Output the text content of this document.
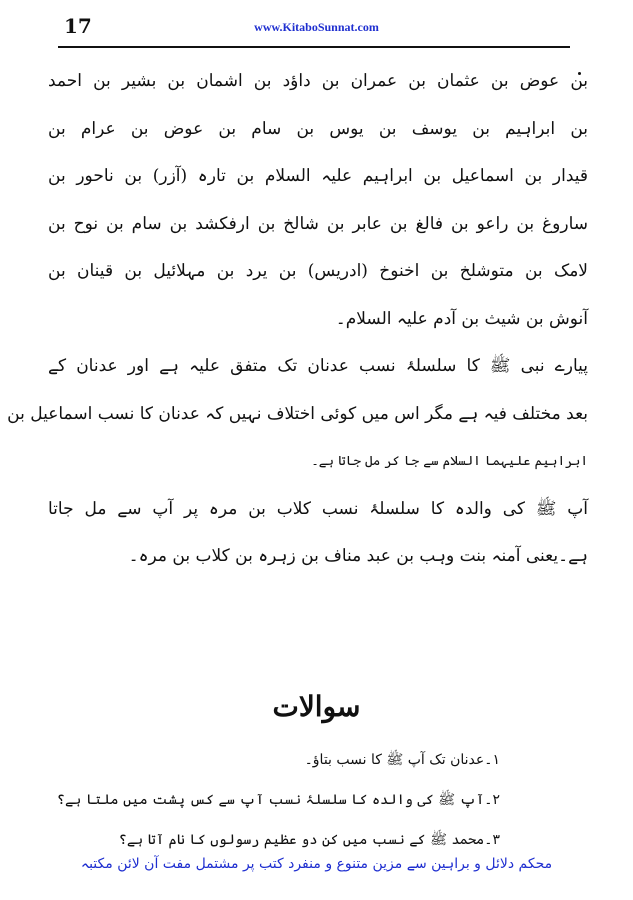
17	www.KitaboSunnat.com
بن عوض بن عثمان بن عمران بن داؤد بن اشمان بن بشير بن احمد
بن ابراہیم بن یوسف بن یوس بن سام بن عوض بن عرام بن
قیدار بن اسماعیل بن ابراہیم علیہ السلام بن تارہ (آزر) بن ناحور بن
ساروغ بن راعو بن فالغ بن عابر بن شالخ بن ارفکشد بن سام بن نوح بن
لامک بن متوشلخ بن اخنوخ (ادریس) بن یرد بن مہلائیل بن قینان بن
آنوش بن شیث بن آدم علیہ السلام۔
پیارے نبی ﷺ کا سلسلۂ نسب عدنان تک متفق علیہ ہے اور عدنان کے
بعد مختلف فیہ ہے مگر اس میں کوئی اختلاف نہیں کہ عدنان کا نسب اسماعیل بن
ابراہیم علیہما السلام سے جا کر مل جاتا ہے۔
آپ ﷺ کی والدہ کا سلسلۂ نسب کلاب بن مرہ پر آپ سے مل جاتا
ہے۔یعنی آمنہ بنت وہب بن عبد مناف بن زہرہ بن کلاب بن مرہ۔
سوالات
۱۔عدنان تک آپ ﷺ کا نسب بتاؤ۔
۲۔آپ ﷺ کی والدہ کا سلسلۂ نسب آپ سے کس پشت میں ملتا ہے؟
۳۔محمد ﷺ کے نسب میں کن دو عظیم رسولوں کا نام آتا ہے؟
محکم دلائل و براہین سے مزین متنوع و منفرد کتب پر مشتمل مفت آن لائن مکتبہ
